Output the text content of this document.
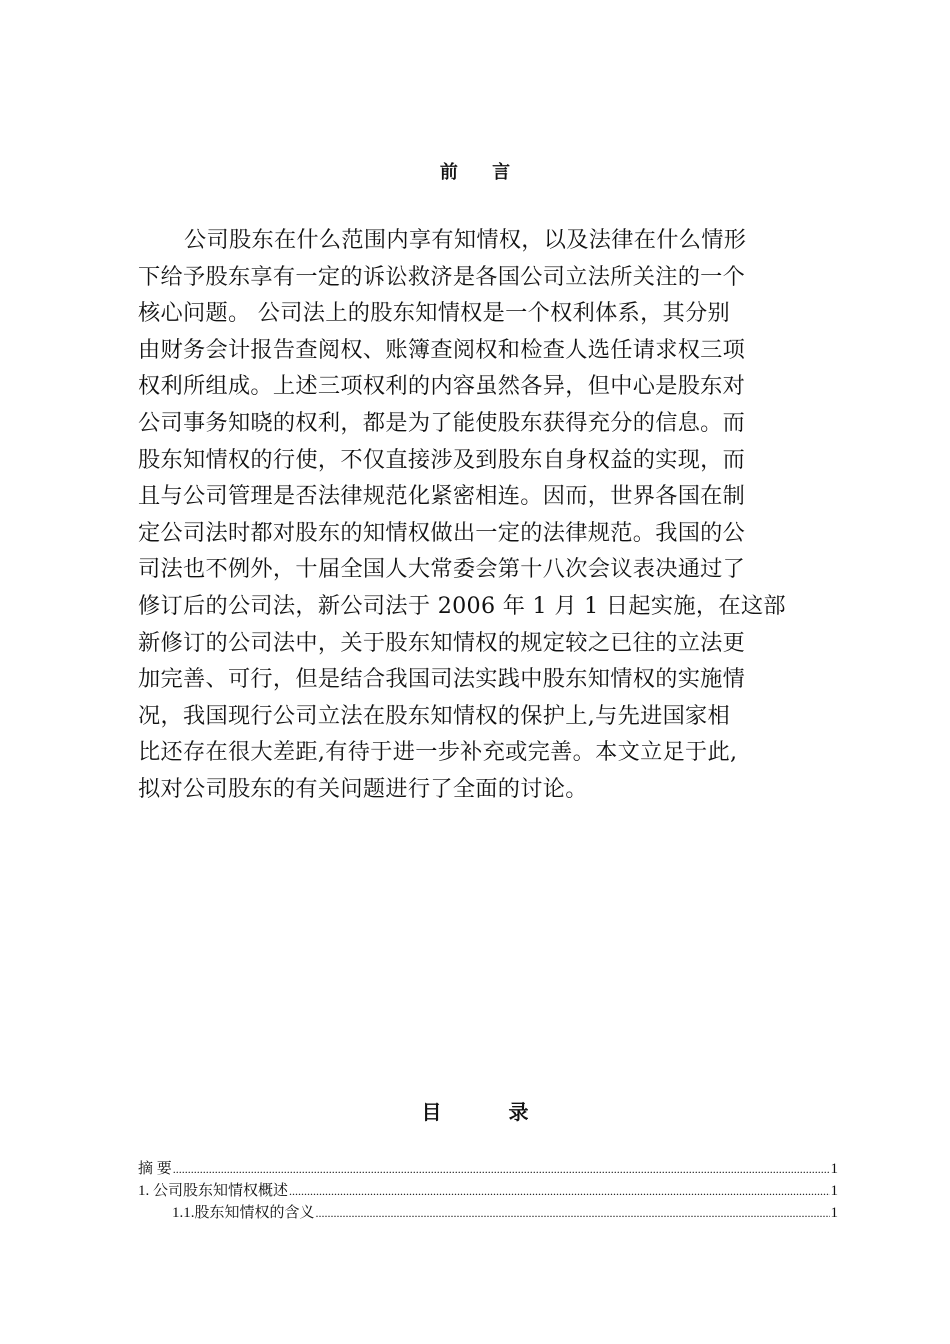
前 言
公司股东在什么范围内享有知情权，以及法律在什么情形
下给予股东享有一定的诉讼救济是各国公司立法所关注的一个
核心问题。 公司法上的股东知情权是一个权利体系，其分别
由财务会计报告查阅权、账簿查阅权和检查人选任请求权三项
权利所组成。上述三项权利的内容虽然各异，但中心是股东对
公司事务知晓的权利，都是为了能使股东获得充分的信息。而
股东知情权的行使，不仅直接涉及到股东自身权益的实现，而
且与公司管理是否法律规范化紧密相连。因而，世界各国在制
定公司法时都对股东的知情权做出一定的法律规范。我国的公
司法也不例外，十届全国人大常委会第十八次会议表决通过了
修订后的公司法，新公司法于 2006 年 1 月 1 日起实施，在这部
新修订的公司法中，关于股东知情权的规定较之已往的立法更
加完善、可行，但是结合我国司法实践中股东知情权的实施情
况，我国现行公司立法在股东知情权的保护上,与先进国家相
比还存在很大差距,有待于进一步补充或完善。本文立足于此,
拟对公司股东的有关问题进行了全面的讨论。
目 录
摘 要 .....	1
1. 公司股东知情权概述 .....	1
1.1.股东知情权的含义 .....	1
